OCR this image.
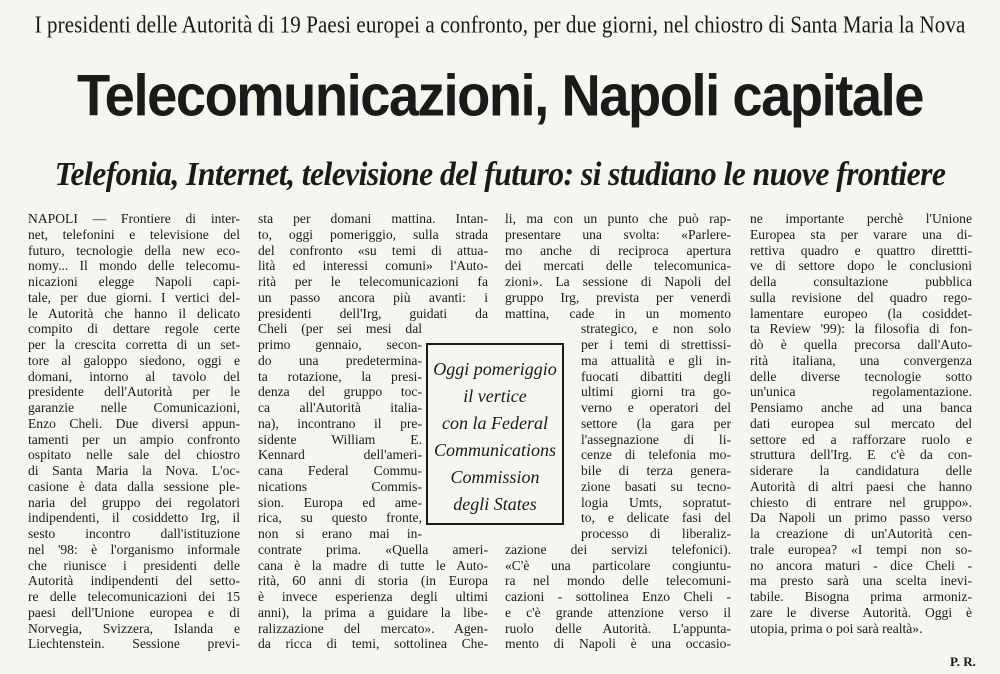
I presidenti delle Autorità di 19 Paesi europei a confronto, per due giorni, nel chiostro di Santa Maria la Nova
Telecomunicazioni, Napoli capitale
Telefonia, Internet, televisione del futuro: si studiano le nuove frontiere
NAPOLI — Frontiere di inter-
net, telefonini e televisione del
futuro, tecnologie della new eco-
nomy... Il mondo delle telecomu-
nicazioni elegge Napoli capi-
tale, per due giorni. I vertici del-
le Autorità che hanno il delicato
compito di dettare regole certe
per la crescita corretta di un set-
tore al galoppo siedono, oggi e
domani, intorno al tavolo del
presidente dell'Autorità per le
garanzie nelle Comunicazioni,
Enzo Cheli. Due diversi appun-
tamenti per un ampio confronto
ospitato nelle sale del chiostro
di Santa Maria la Nova. L'oc-
casione è data dalla sessione ple-
naria del gruppo dei regolatori
indipendenti, il cosiddetto Irg, il
sesto incontro dall'istituzione
nel '98: è l'organismo informale
che riunisce i presidenti delle
Autorità indipendenti del setto-
re delle telecomunicazioni dei 15
paesi dell'Unione europea e di
Norvegia, Svizzera, Islanda e
Liechtenstein. Sessione previ-
sta per domani mattina. Intan-
to, oggi pomeriggio, sulla strada
del confronto «su temi di attua-
lità ed interessi comuni» l'Auto-
rità per le telecomunicazioni fa
un passo ancora più avanti: i
presidenti dell'Irg, guidati da
Cheli (per sei mesi dal
primo gennaio, secon-
do una predetermina-
ta rotazione, la presi-
denza del gruppo toc-
ca all'Autorità italia-
na), incontrano il pre-
sidente William E.
Kennard dell'ameri-
cana Federal Commu-
nications Commis-
sion. Europa ed ame-
rica, su questo fronte,
non si erano mai in-
contrate prima. «Quella ameri-
cana è la madre di tutte le Auto-
rità, 60 anni di storia (in Europa
è invece esperienza degli ultimi
anni), la prima a guidare la libe-
ralizzazione del mercato». Agen-
da ricca di temi, sottolinea Che-
li, ma con un punto che può rap-
presentare una svolta: «Parlere-
mo anche di reciproca apertura
dei mercati delle telecomunica-
zioni». La sessione di Napoli del
gruppo Irg, prevista per venerdì
mattina, cade in un momento
strategico, e non solo
per i temi di strettissi-
ma attualità e gli in-
fuocati dibattiti degli
ultimi giorni tra go-
verno e operatori del
settore (la gara per
l'assegnazione di li-
cenze di telefonia mo-
bile di terza genera-
zione basati su tecno-
logia Umts, sopratut-
to, e delicate fasi del
processo di liberaliz-
zazione dei servizi telefonici).
«C'è una particolare congiuntu-
ra nel mondo delle telecomuni-
cazioni - sottolinea Enzo Cheli -
e c'è grande attenzione verso il
ruolo delle Autorità. L'appunta-
mento di Napoli è una occasio-
ne importante perchè l'Unione
Europea sta per varare una di-
rettiva quadro e quattro direttti-
ve di settore dopo le conclusioni
della consultazione pubblica
sulla revisione del quadro rego-
lamentare europeo (la cosiddet-
ta Review '99): la filosofia di fon-
dò è quella precorsa dall'Auto-
rità italiana, una convergenza
delle diverse tecnologie sotto
un'unica regolamentazione.
Pensiamo anche ad una banca
dati europea sul mercato del
settore ed a rafforzare ruolo e
struttura dell'Irg. E c'è da con-
siderare la candidatura delle
Autorità di altri paesi che hanno
chiesto di entrare nel gruppo».
Da Napoli un primo passo verso
la creazione di un'Autorità cen-
trale europea? «I tempi non so-
no ancora maturi - dice Cheli -
ma presto sarà una scelta inevi-
tabile. Bisogna prima armoniz-
zare le diverse Autorità. Oggi è
utopia, prima o poi sarà realtà».
Oggi pomeriggio
il vertice
con la Federal
Communications
Commission
degli States
P. R.
